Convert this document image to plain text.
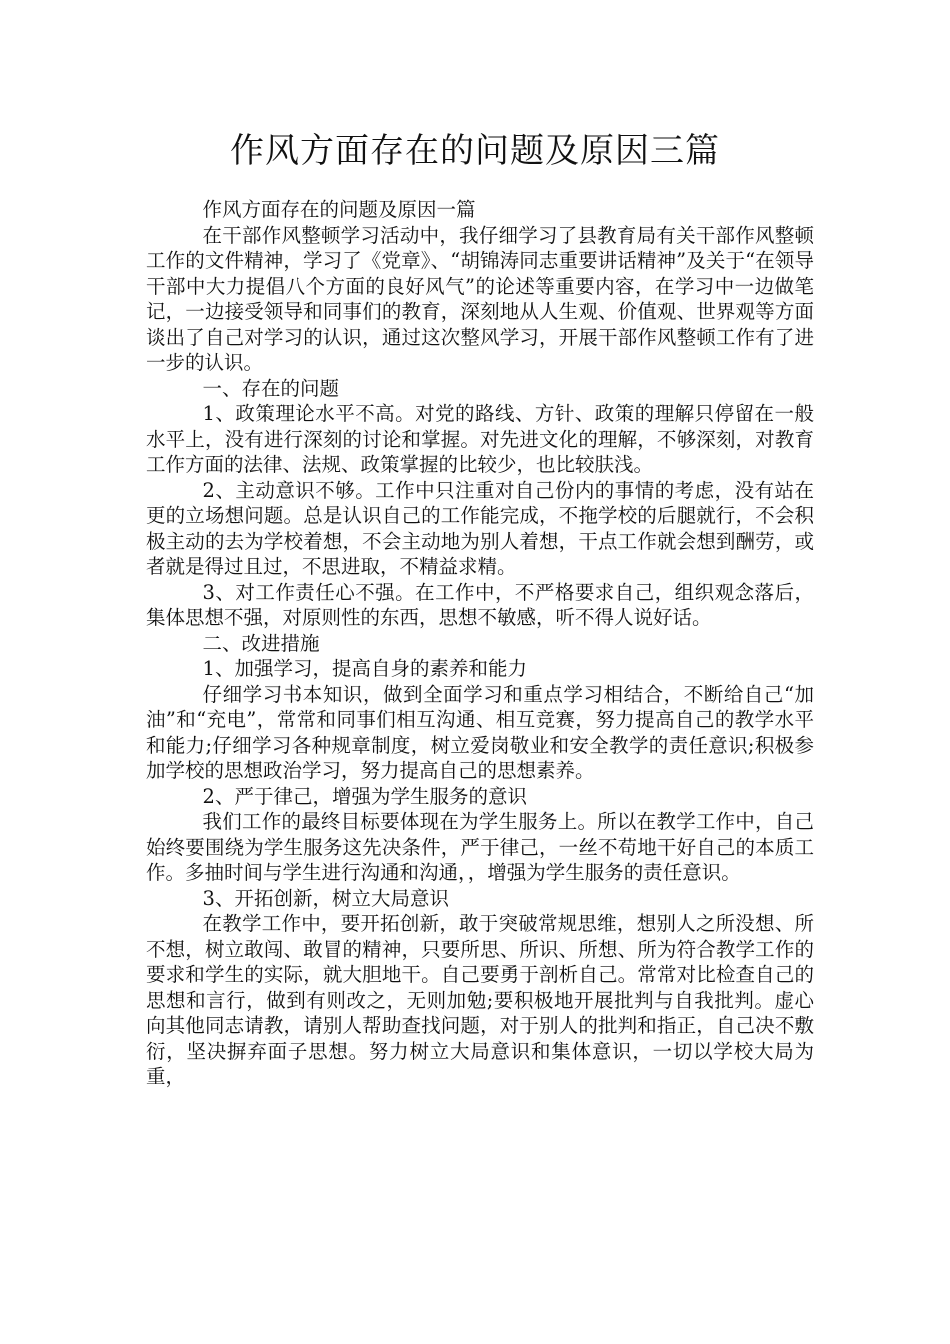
作风方面存在的问题及原因三篇

作风方面存在的问题及原因一篇

在干部作风整顿学习活动中，我仔细学习了县教育局有关干部作风整顿工作的文件精神，学习了《党章》、“胡锦涛同志重要讲话精神”及关于“在领导干部中大力提倡八个方面的良好风气”的论述等重要内容，在学习中一边做笔记，一边接受领导和同事们的教育，深刻地从人生观、价值观、世界观等方面谈出了自己对学习的认识，通过这次整风学习，开展干部作风整顿工作有了进一步的认识。

一、存在的问题

1、政策理论水平不高。对党的路线、方针、政策的理解只停留在一般水平上，没有进行深刻的讨论和掌握。对先进文化的理解，不够深刻，对教育工作方面的法律、法规、政策掌握的比较少，也比较肤浅。

2、主动意识不够。工作中只注重对自己份内的事情的考虑，没有站在更的立场想问题。总是认识自己的工作能完成，不拖学校的后腿就行，不会积极主动的去为学校着想，不会主动地为别人着想，干点工作就会想到酬劳，或者就是得过且过，不思进取，不精益求精。

3、对工作责任心不强。在工作中，不严格要求自己，组织观念落后，集体思想不强，对原则性的东西，思想不敏感，听不得人说好话。

二、改进措施

1、加强学习，提高自身的素养和能力

仔细学习书本知识，做到全面学习和重点学习相结合，不断给自己“加油”和“充电”，常常和同事们相互沟通、相互竞赛，努力提高自己的教学水平和能力;仔细学习各种规章制度，树立爱岗敬业和安全教学的责任意识;积极参加学校的思想政治学习，努力提高自己的思想素养。

2、严于律己，增强为学生服务的意识

我们工作的最终目标要体现在为学生服务上。所以在教学工作中，自己始终要围绕为学生服务这先决条件，严于律己，一丝不苟地干好自己的本质工作。多抽时间与学生进行沟通和沟通，，增强为学生服务的责任意识。

3、开拓创新，树立大局意识

在教学工作中，要开拓创新，敢于突破常规思维，想别人之所没想、所不想，树立敢闯、敢冒的精神，只要所思、所识、所想、所为符合教学工作的要求和学生的实际，就大胆地干。自己要勇于剖析自己。常常对比检查自己的思想和言行，做到有则改之，无则加勉;要积极地开展批判与自我批判。虚心向其他同志请教，请别人帮助查找问题，对于别人的批判和指正，自己决不敷衍，坚决摒弃面子思想。努力树立大局意识和集体意识，一切以学校大局为重，
